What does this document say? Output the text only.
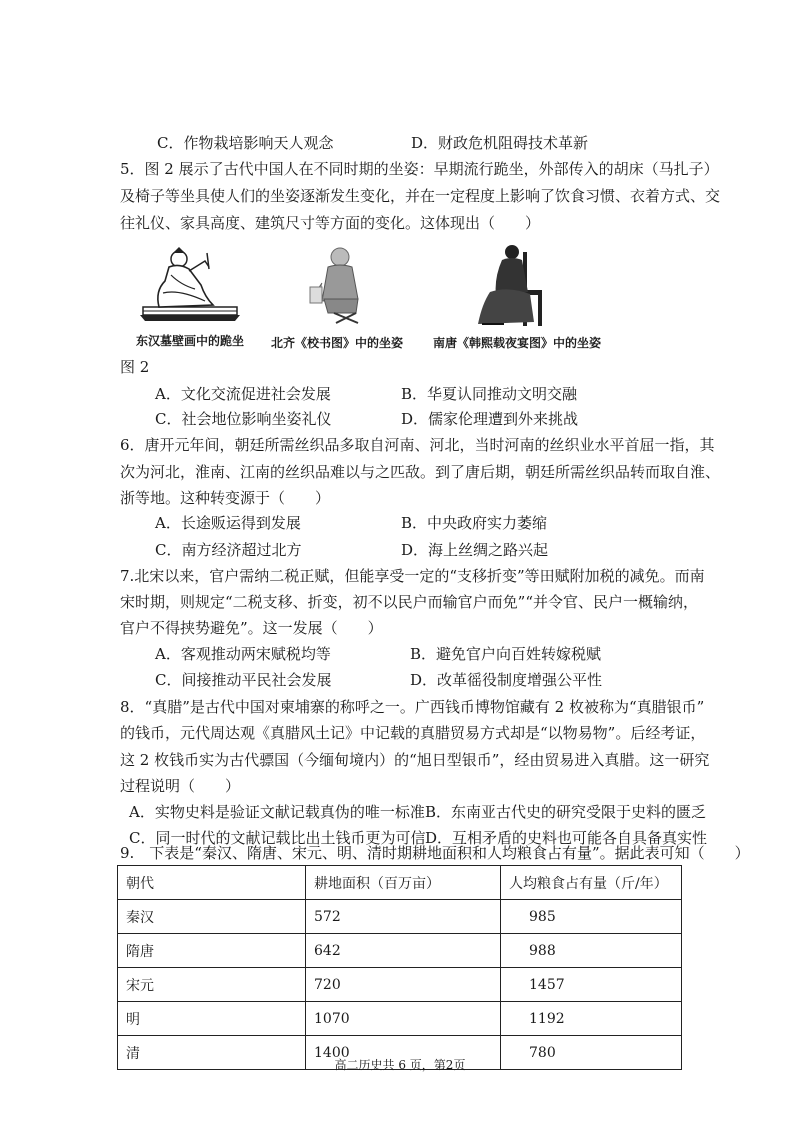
C．作物栽培影响天人观念	D．财政危机阻碍技术革新
5．图 2 展示了古代中国人在不同时期的坐姿：早期流行跪坐，外部传入的胡床（马扎子）
及椅子等坐具使人们的坐姿逐渐发生变化，并在一定程度上影响了饮食习惯、衣着方式、交
往礼仪、家具高度、建筑尺寸等方面的变化。这体现出（　　）
东汉墓壁画中的跪坐 北齐《校书图》中的坐姿 南唐《韩熙载夜宴图》中的坐姿
图 2
A．文化交流促进社会发展	B．华夏认同推动文明交融
C．社会地位影响坐姿礼仪	D．儒家伦理遭到外来挑战
6．唐开元年间，朝廷所需丝织品多取自河南、河北，当时河南的丝织业水平首屈一指，其
次为河北，淮南、江南的丝织品难以与之匹敌。到了唐后期，朝廷所需丝织品转而取自淮、
浙等地。这种转变源于（　　）
A．长途贩运得到发展	B．中央政府实力萎缩
C．南方经济超过北方	D．海上丝绸之路兴起
7.北宋以来，官户需纳二税正赋，但能享受一定的“支移折变”等田赋附加税的减免。而南
宋时期，则规定“二税支移、折变，初不以民户而输官户而免”“并令官、民户一概输纳，
官户不得挟势避免”。这一发展（　　）
A．客观推动两宋赋税均等	B．避免官户向百姓转嫁税赋
C．间接推动平民社会发展	D．改革徭役制度增强公平性
8．“真腊”是古代中国对柬埔寨的称呼之一。广西钱币博物馆藏有 2 枚被称为“真腊银币”
的钱币，元代周达观《真腊风土记》中记载的真腊贸易方式却是“以物易物”。后经考证，
这 2 枚钱币实为古代骠国（今缅甸境内）的“旭日型银币”，经由贸易进入真腊。这一研究
过程说明（　　）
A．实物史料是验证文献记载真伪的唯一标准 B．东南亚古代史的研究受限于史料的匮乏
C．同一时代的文献记载比出土钱币更为可信 D．互相矛盾的史料也可能各自具备真实性
9.　下表是“秦汉、隋唐、宋元、明、清时期耕地面积和人均粮食占有量”。据此表可知（　　）
朝代	耕地面积（百万亩）	人均粮食占有量（斤/年）
秦汉	572	985
隋唐	642	988
宋元	720	1457
明	1070	1192
清	1400	780
高二历史共 6 页，第2页
